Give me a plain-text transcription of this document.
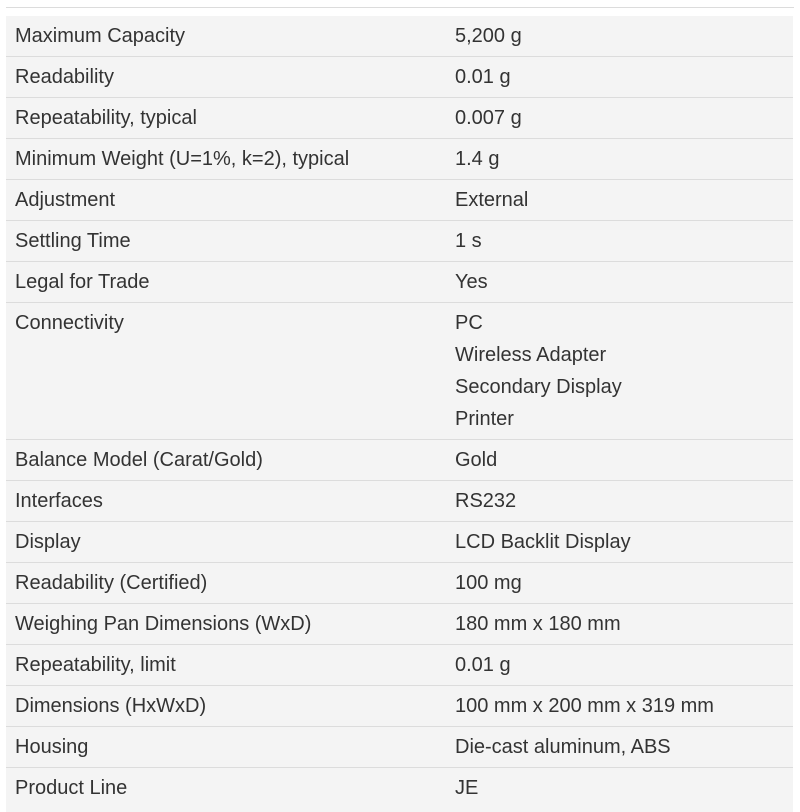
Maximum Capacity	5,200 g
Readability	0.01 g
Repeatability, typical	0.007 g
Minimum Weight (U=1%, k=2), typical	1.4 g
Adjustment	External
Settling Time	1 s
Legal for Trade	Yes
Connectivity	PC
Wireless Adapter
Secondary Display
Printer

Balance Model (Carat/Gold)	Gold
Interfaces	RS232
Display	LCD Backlit Display
Readability (Certified)	100 mg
Weighing Pan Dimensions (WxD)	180 mm x 180 mm
Repeatability, limit	0.01 g
Dimensions (HxWxD)	100 mm x 200 mm x 319 mm
Housing	Die-cast aluminum, ABS
Product Line	JE
